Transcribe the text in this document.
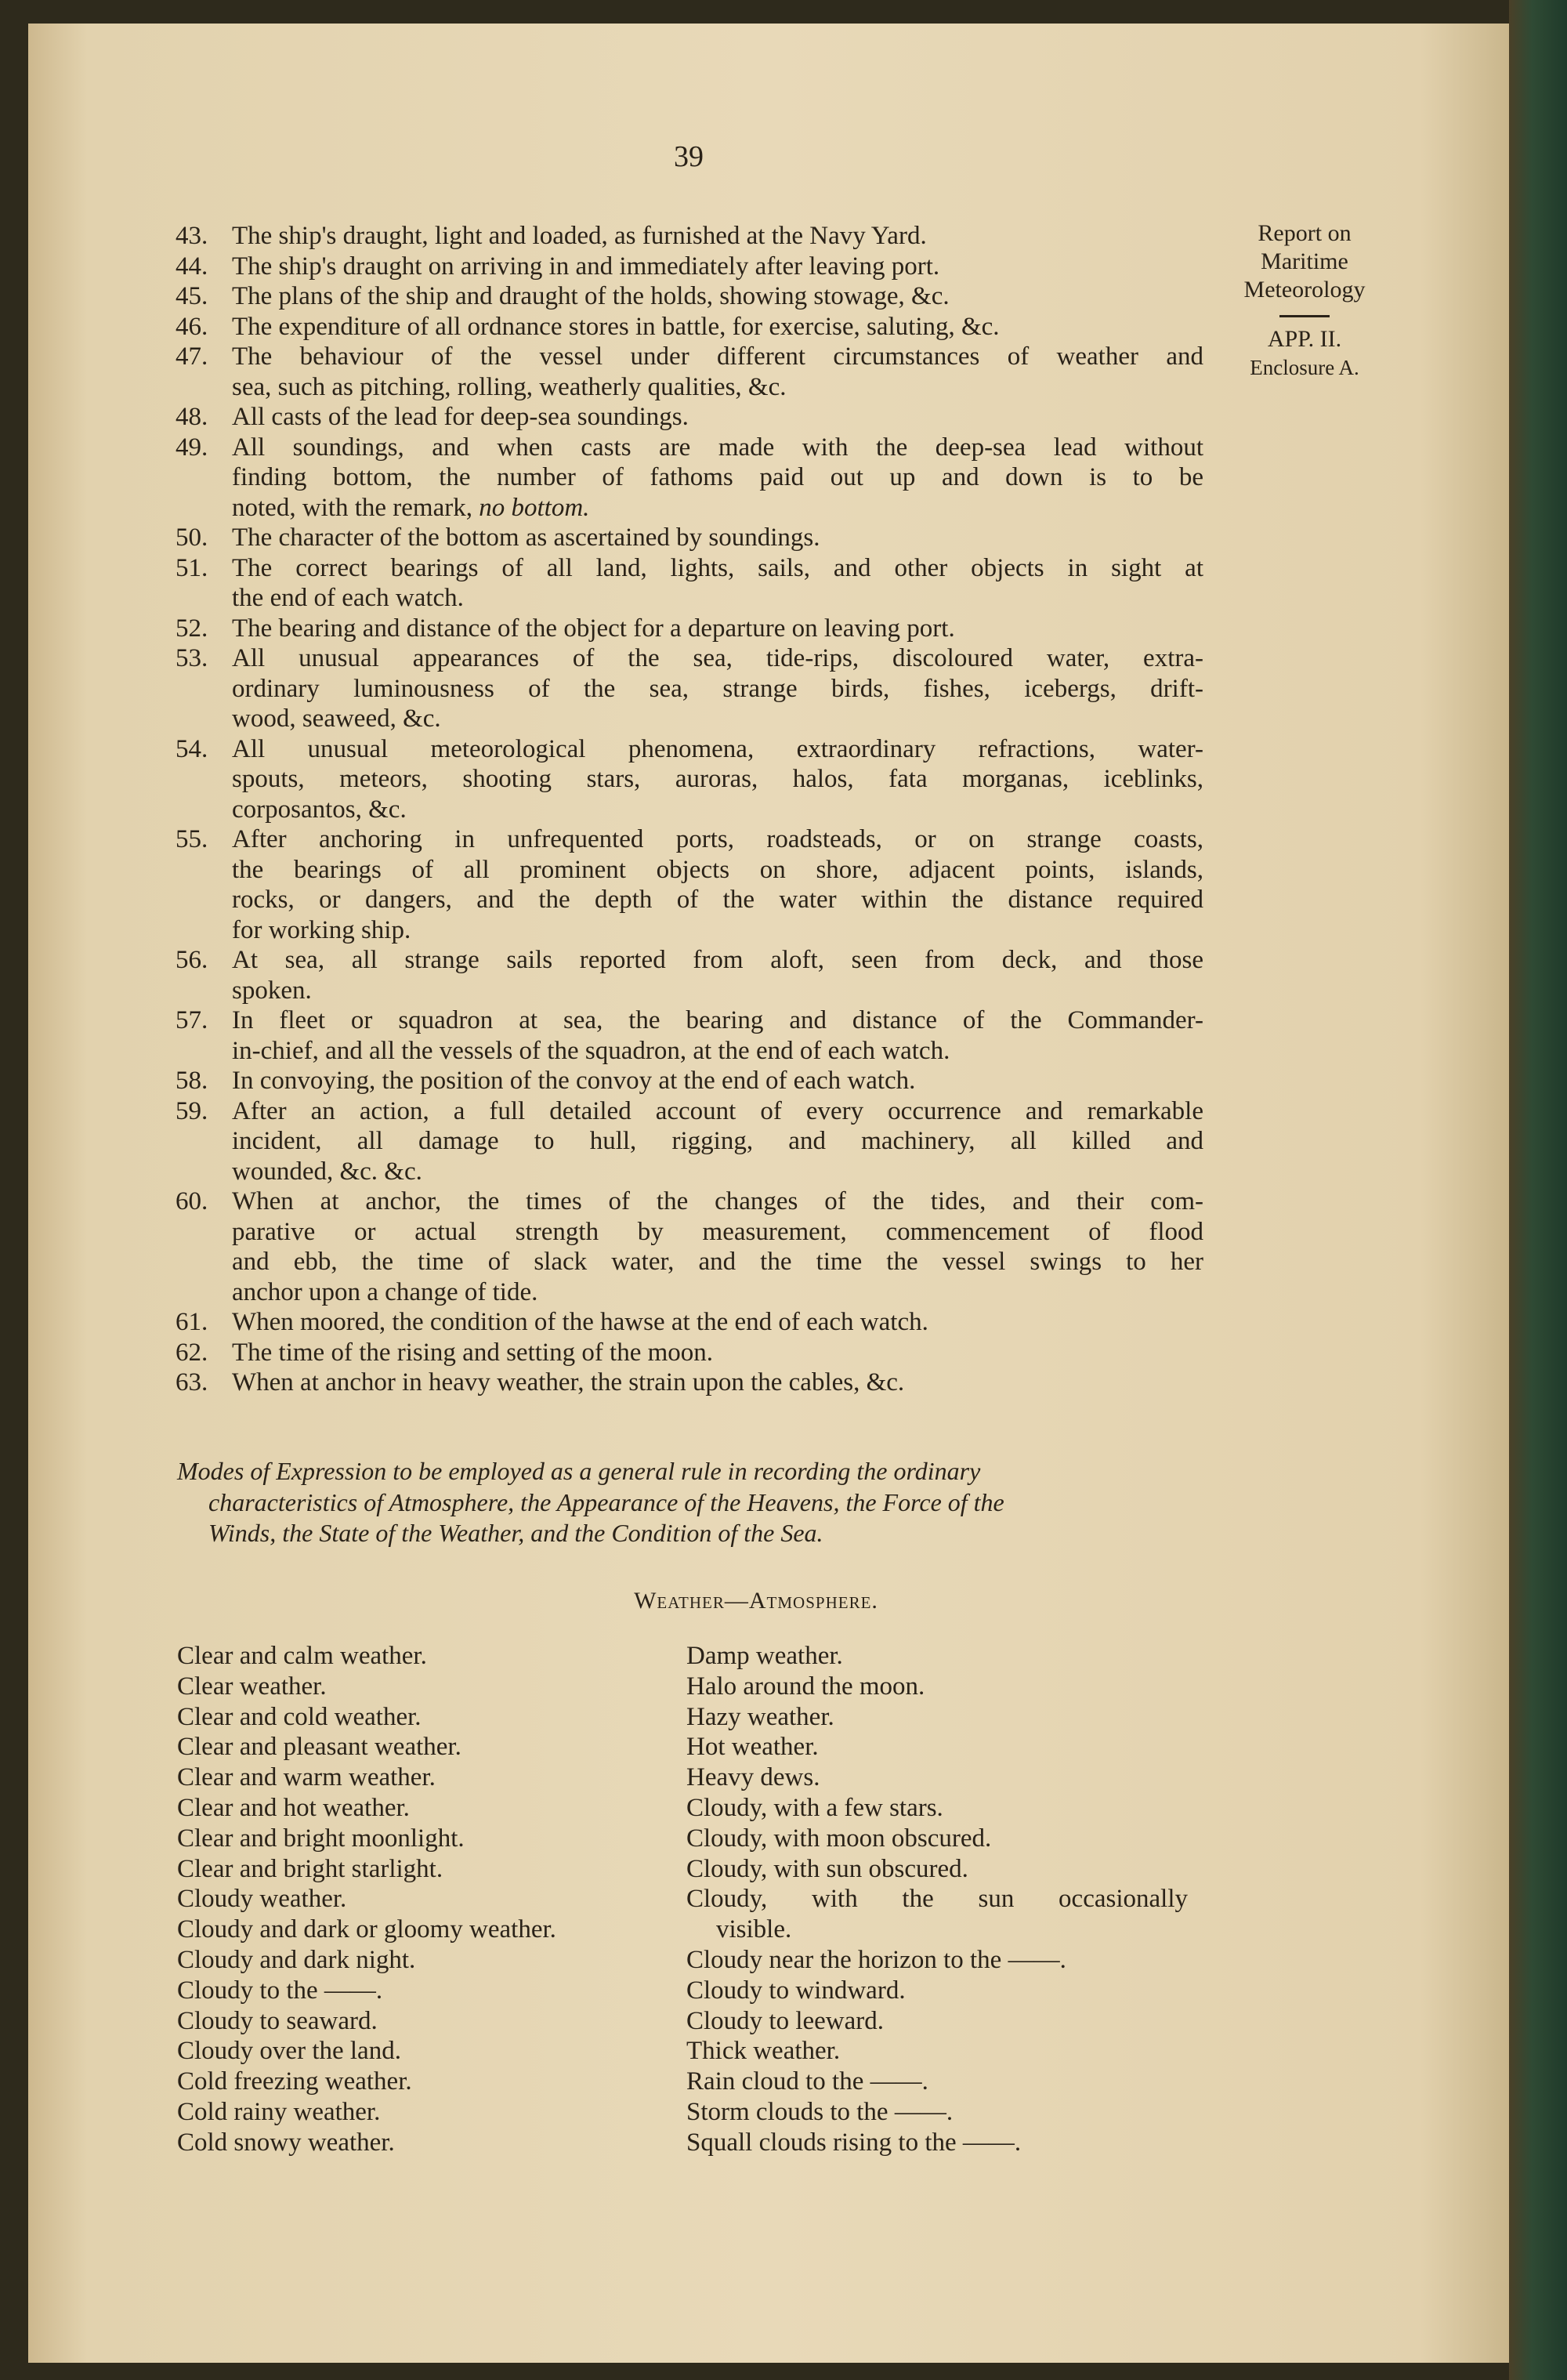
39
43. The ship's draught, light and loaded, as furnished at the Navy Yard.
44. The ship's draught on arriving in and immediately after leaving port.
45. The plans of the ship and draught of the holds, showing stowage, &c.
46. The expenditure of all ordnance stores in battle, for exercise, saluting, &c.
47. The behaviour of the vessel under different circumstances of weather and
sea, such as pitching, rolling, weatherly qualities, &c.
48. All casts of the lead for deep-sea soundings.
49. All soundings, and when casts are made with the deep-sea lead without
finding bottom, the number of fathoms paid out up and down is to be
noted, with the remark, no bottom.
50. The character of the bottom as ascertained by soundings.
51. The correct bearings of all land, lights, sails, and other objects in sight at
the end of each watch.
52. The bearing and distance of the object for a departure on leaving port.
53. All unusual appearances of the sea, tide-rips, discoloured water, extra-
ordinary luminousness of the sea, strange birds, fishes, icebergs, drift-
wood, seaweed, &c.
54. All unusual meteorological phenomena, extraordinary refractions, water-
spouts, meteors, shooting stars, auroras, halos, fata morganas, iceblinks,
corposantos, &c.
55. After anchoring in unfrequented ports, roadsteads, or on strange coasts,
the bearings of all prominent objects on shore, adjacent points, islands,
rocks, or dangers, and the depth of the water within the distance required
for working ship.
56. At sea, all strange sails reported from aloft, seen from deck, and those
spoken.
57. In fleet or squadron at sea, the bearing and distance of the Commander-
in-chief, and all the vessels of the squadron, at the end of each watch.
58. In convoying, the position of the convoy at the end of each watch.
59. After an action, a full detailed account of every occurrence and remarkable
incident, all damage to hull, rigging, and machinery, all killed and
wounded, &c. &c.
60. When at anchor, the times of the changes of the tides, and their com-
parative or actual strength by measurement, commencement of flood
and ebb, the time of slack water, and the time the vessel swings to her
anchor upon a change of tide.
61. When moored, the condition of the hawse at the end of each watch.
62. The time of the rising and setting of the moon.
63. When at anchor in heavy weather, the strain upon the cables, &c.
Report on
Maritime
Meteorology
APP. II.
Enclosure A.
Modes of Expression to be employed as a general rule in recording the ordinary
characteristics of Atmosphere, the Appearance of the Heavens, the Force of the
Winds, the State of the Weather, and the Condition of the Sea.
Weather—Atmosphere.
Clear and calm weather.
Clear weather.
Clear and cold weather.
Clear and pleasant weather.
Clear and warm weather.
Clear and hot weather.
Clear and bright moonlight.
Clear and bright starlight.
Cloudy weather.
Cloudy and dark or gloomy weather.
Cloudy and dark night.
Cloudy to the ——.
Cloudy to seaward.
Cloudy over the land.
Cold freezing weather.
Cold rainy weather.
Cold snowy weather.
Damp weather.
Halo around the moon.
Hazy weather.
Hot weather.
Heavy dews.
Cloudy, with a few stars.
Cloudy, with moon obscured.
Cloudy, with sun obscured.
Cloudy, with the sun occasionally
visible.
Cloudy near the horizon to the ——.
Cloudy to windward.
Cloudy to leeward.
Thick weather.
Rain cloud to the ——.
Storm clouds to the ——.
Squall clouds rising to the ——.
